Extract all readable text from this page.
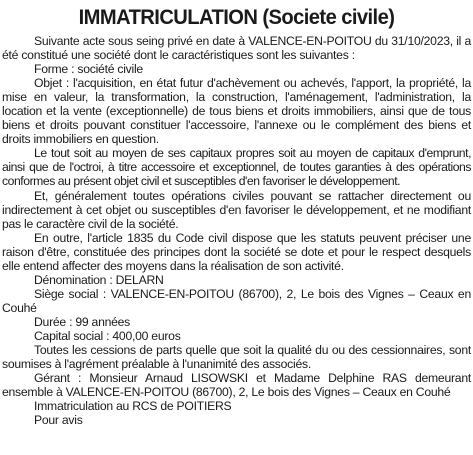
IMMATRICULATION (Societe civile)

Suivante acte sous seing privé en date à VALENCE-EN-POITOU du 31/10/2023, il a été constitué une société dont le caractéristiques sont les suivantes :

Forme : société civile

Objet : l'acquisition, en état futur d'achèvement ou achevés, l'apport, la propriété, la mise en valeur, la transformation, la construction, l'aménagement, l'administration, la location et la vente (exceptionnelle) de tous biens et droits immobiliers, ainsi que de tous biens et droits pouvant constituer l'accessoire, l'annexe ou le complément des biens et droits immobiliers en question.

Le tout soit au moyen de ses capitaux propres soit au moyen de capitaux d'emprunt, ainsi que de l'octroi, à titre accessoire et exceptionnel, de toutes garanties à des opérations conformes au présent objet civil et susceptibles d'en favoriser le développement.

Et, généralement toutes opérations civiles pouvant se rattacher directement ou indirectement à cet objet ou susceptibles d'en favoriser le développement, et ne modifiant pas le caractère civil de la société.

En outre, l'article 1835 du Code civil dispose que les statuts peuvent préciser une raison d'être, constituée des principes dont la société se dote et pour le respect desquels elle entend affecter des moyens dans la réalisation de son activité.

Dénomination : DELARN

Siège social : VALENCE-EN-POITOU (86700), 2, Le bois des Vignes – Ceaux en Couhé

Durée : 99 années

Capital social : 400,00 euros

Toutes les cessions de parts quelle que soit la qualité du ou des cessionnaires, sont soumises à l'agrément préalable à l'unanimité des associés.

Gérant : Monsieur Arnaud LISOWSKI et Madame Delphine RAS demeurant ensemble à VALENCE-EN-POITOU (86700), 2, Le bois des Vignes – Ceaux en Couhé

Immatriculation au RCS de POITIERS

Pour avis
